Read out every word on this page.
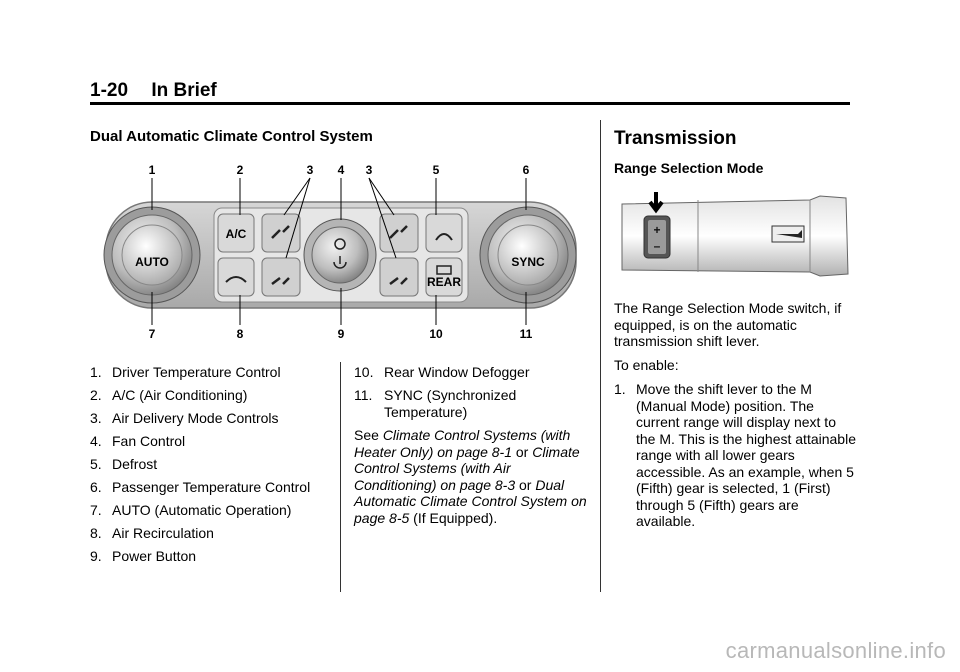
1-20 In Brief
Dual Automatic Climate Control System
AUTO	SYNC
A/C
REAR
1	2	3 4 3	5	6
7	8	9	10	11
1. Driver Temperature Control
2. A/C (Air Conditioning)
3. Air Delivery Mode Controls
4. Fan Control
5. Defrost
6. Passenger Temperature Control
7. AUTO (Automatic Operation)
8. Air Recirculation
9. Power Button
10. Rear Window Defogger
11. SYNC (Synchronized Temperature)

See Climate Control Systems (with Heater Only) on page 8-1 or Climate Control Systems (with Air Conditioning) on page 8-3 or Dual Automatic Climate Control System on page 8-5 (If Equipped).

Transmission
Range Selection Mode
+
–

The Range Selection Mode switch, if equipped, is on the automatic transmission shift lever.

To enable:

1. Move the shift lever to the M (Manual Mode) position. The current range will display next to the M. This is the highest attainable range with all lower gears accessible. As an example, when 5 (Fifth) gear is selected, 1 (First) through 5 (Fifth) gears are available.
carmanualsonline.info
